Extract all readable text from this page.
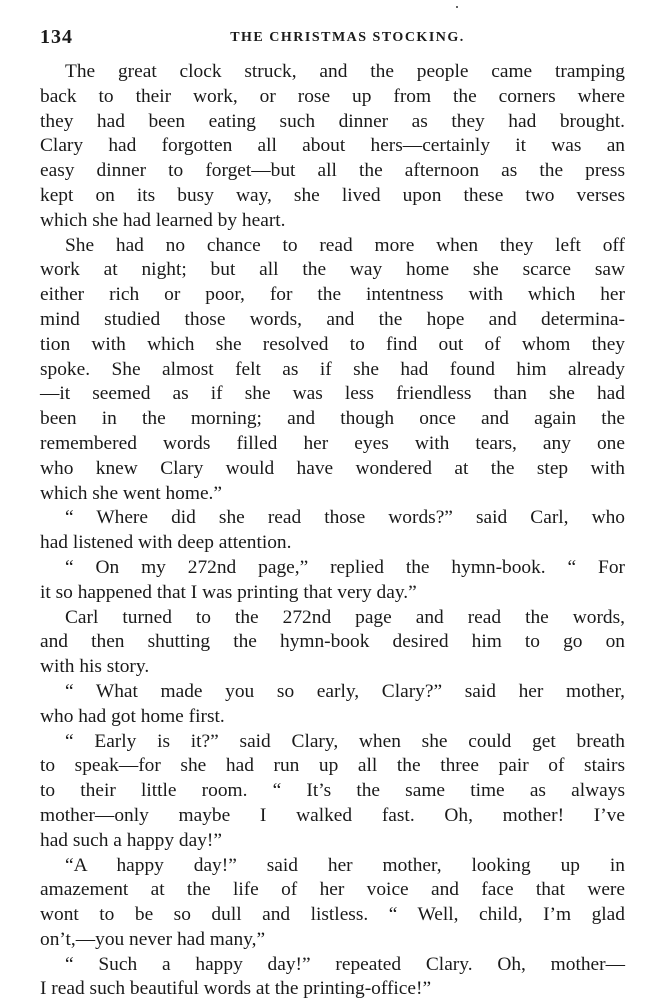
134	THE CHRISTMAS STOCKING.
The great clock struck, and the people came tramping
back to their work, or rose up from the corners where
they had been eating such dinner as they had brought.
Clary had forgotten all about hers—certainly it was an
easy dinner to forget—but all the afternoon as the press
kept on its busy way, she lived upon these two verses
which she had learned by heart.
She had no chance to read more when they left off
work at night; but all the way home she scarce saw
either rich or poor, for the intentness with which her
mind studied those words, and the hope and determina-
tion with which she resolved to find out of whom they
spoke. She almost felt as if she had found him already
—it seemed as if she was less friendless than she had
been in the morning; and though once and again the
remembered words filled her eyes with tears, any one
who knew Clary would have wondered at the step with
which she went home.”
“ Where did she read those words?” said Carl, who
had listened with deep attention.
“ On my 272nd page,” replied the hymn-book. “ For
it so happened that I was printing that very day.”
Carl turned to the 272nd page and read the words,
and then shutting the hymn-book desired him to go on
with his story.
“ What made you so early, Clary?” said her mother,
who had got home first.
“ Early is it?” said Clary, when she could get breath
to speak—for she had run up all the three pair of stairs
to their little room. “ It’s the same time as always
mother—only maybe I walked fast. Oh, mother! I’ve
had such a happy day!”
“A happy day!” said her mother, looking up in
amazement at the life of her voice and face that were
wont to be so dull and listless. “ Well, child, I’m glad
on’t,—you never had many,”
“ Such a happy day!” repeated Clary. Oh, mother—
I read such beautiful words at the printing-office!”
